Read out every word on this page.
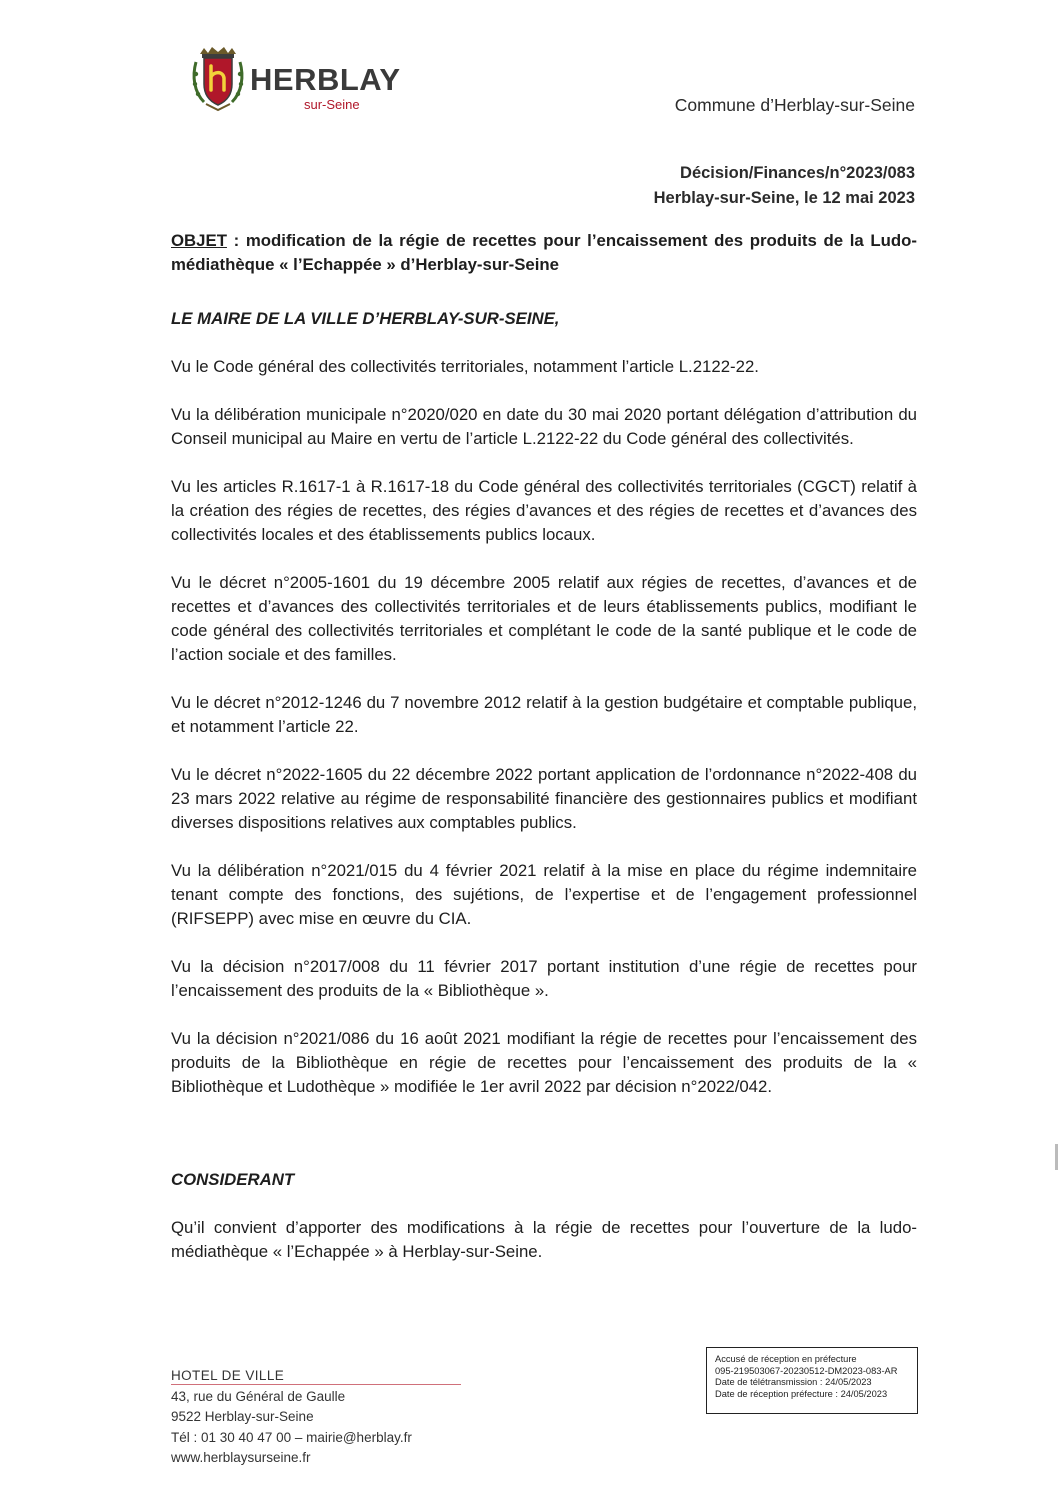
HERBLAY
sur-Seine	Commune d’Herblay-sur-Seine
Décision/Finances/n°2023/083
Herblay-sur-Seine, le 12 mai 2023
OBJET : modification de la régie de recettes pour l’encaissement des produits de la Ludo-médiathèque « l’Echappée » d’Herblay-sur-Seine
LE MAIRE DE LA VILLE D’HERBLAY-SUR-SEINE,

Vu le Code général des collectivités territoriales, notamment l’article L.2122-22.

Vu la délibération municipale n°2020/020 en date du 30 mai 2020 portant délégation d’attribution du Conseil municipal au Maire en vertu de l’article L.2122-22 du Code général des collectivités.

Vu les articles R.1617-1 à R.1617-18 du Code général des collectivités territoriales (CGCT) relatif à la création des régies de recettes, des régies d’avances et des régies de recettes et d’avances des collectivités locales et des établissements publics locaux.

Vu le décret n°2005-1601 du 19 décembre 2005 relatif aux régies de recettes, d’avances et de recettes et d’avances des collectivités territoriales et de leurs établissements publics, modifiant le code général des collectivités territoriales et complétant le code de la santé publique et le code de l’action sociale et des familles.

Vu le décret n°2012-1246 du 7 novembre 2012 relatif à la gestion budgétaire et comptable publique, et notamment l’article 22.

Vu le décret n°2022-1605 du 22 décembre 2022 portant application de l’ordonnance n°2022-408 du 23 mars 2022 relative au régime de responsabilité financière des gestionnaires publics et modifiant diverses dispositions relatives aux comptables publics.

Vu la délibération n°2021/015 du 4 février 2021 relatif à la mise en place du régime indemnitaire tenant compte des fonctions, des sujétions, de l’expertise et de l’engagement professionnel (RIFSEPP) avec mise en œuvre du CIA.

Vu la décision n°2017/008 du 11 février 2017 portant institution d’une régie de recettes pour l’encaissement des produits de la « Bibliothèque ».

Vu la décision n°2021/086 du 16 août 2021 modifiant la régie de recettes pour l’encaissement des produits de la Bibliothèque en régie de recettes pour l’encaissement des produits de la « Bibliothèque et Ludothèque » modifiée le 1er avril 2022 par décision n°2022/042.

CONSIDERANT
Qu’il convient d’apporter des modifications à la régie de recettes pour l’ouverture de la ludo-médiathèque « l’Echappée » à Herblay-sur-Seine.
HOTEL DE VILLE
43, rue du Général de Gaulle
9522 Herblay-sur-Seine
Tél : 01 30 40 47 00 – mairie@herblay.fr
www.herblaysurseine.fr
Accusé de réception en préfecture
095-219503067-20230512-DM2023-083-AR
Date de télétransmission : 24/05/2023
Date de réception préfecture : 24/05/2023
